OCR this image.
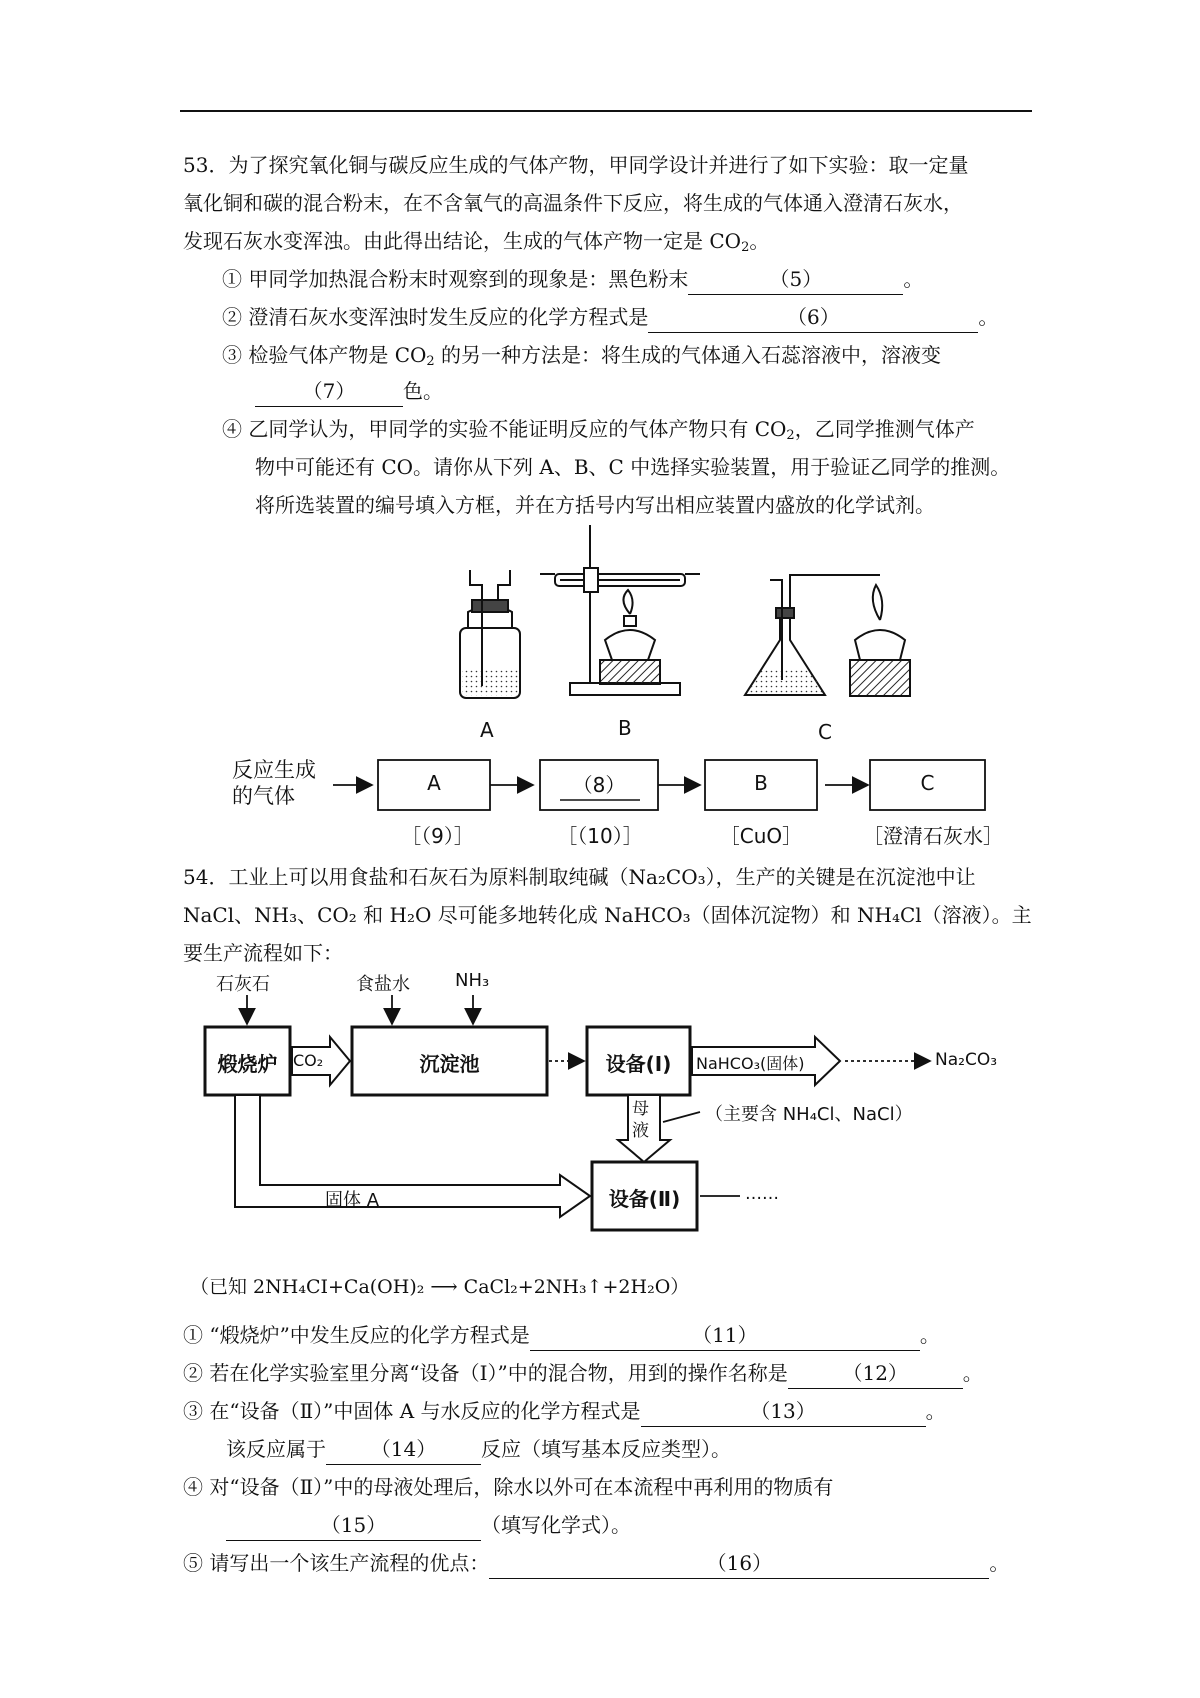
53．为了探究氧化铜与碳反应生成的气体产物，甲同学设计并进行了如下实验：取一定量
氧化铜和碳的混合粉末，在不含氧气的高温条件下反应，将生成的气体通入澄清石灰水，
发现石灰水变浑浊。由此得出结论，生成的气体产物一定是 $CO_2$。
① 甲同学加热混合粉末时观察到的现象是：黑色粉末	（5）	。
② 澄清石灰水变浑浊时发生反应的化学方程式是	（6）	。
③ 检验气体产物是 $CO_2$ 的另一种方法是：将生成的气体通入石蕊溶液中，溶液变
（7） 色。
④ 乙同学认为，甲同学的实验不能证明反应的气体产物只有 $CO_2$，乙同学推测气体产
物中可能还有 CO。请你从下列 A、B、C 中选择实验装置，用于验证乙同学的推测。
将所选装置的编号填入方框，并在方括号内写出相应装置内盛放的化学试剂。
A	B	C
反应生成
的气体
A	（8）	B	C
［（9）］	［（10）］	［CuO］	［澄清石灰水］
54．工业上可以用食盐和石灰石为原料制取纯碱（Na₂CO₃），生产的关键是在沉淀池中让
NaCl、NH₃、CO₂ 和 H₂O 尽可能多地转化成 NaHCO₃（固体沉淀物）和 NH₄Cl（溶液）。主
要生产流程如下：
石灰石	食盐水	NH₃
煅烧炉 CO₂	沉淀池	设备(Ⅰ)	NaHCO₃(固体)	Na₂CO₃
母液
（主要含 NH₄Cl、NaCl）
固体 A	设备(Ⅱ)	……
（已知 2NH₄CI+Ca(OH)₂ ⟶ CaCl₂+2NH₃↑+2H₂O）
① “煅烧炉”中发生反应的化学方程式是	（11）	。
② 若在化学实验室里分离“设备（I）”中的混合物，用到的操作名称是	（12）	。
③ 在“设备（Ⅱ）”中固体 A 与水反应的化学方程式是	（13）	。
该反应属于 （14） 反应（填写基本反应类型）。
④ 对“设备（Ⅱ）”中的母液处理后，除水以外可在本流程中再利用的物质有
（15）	（填写化学式）。
⑤ 请写出一个该生产流程的优点：	（16）	。
